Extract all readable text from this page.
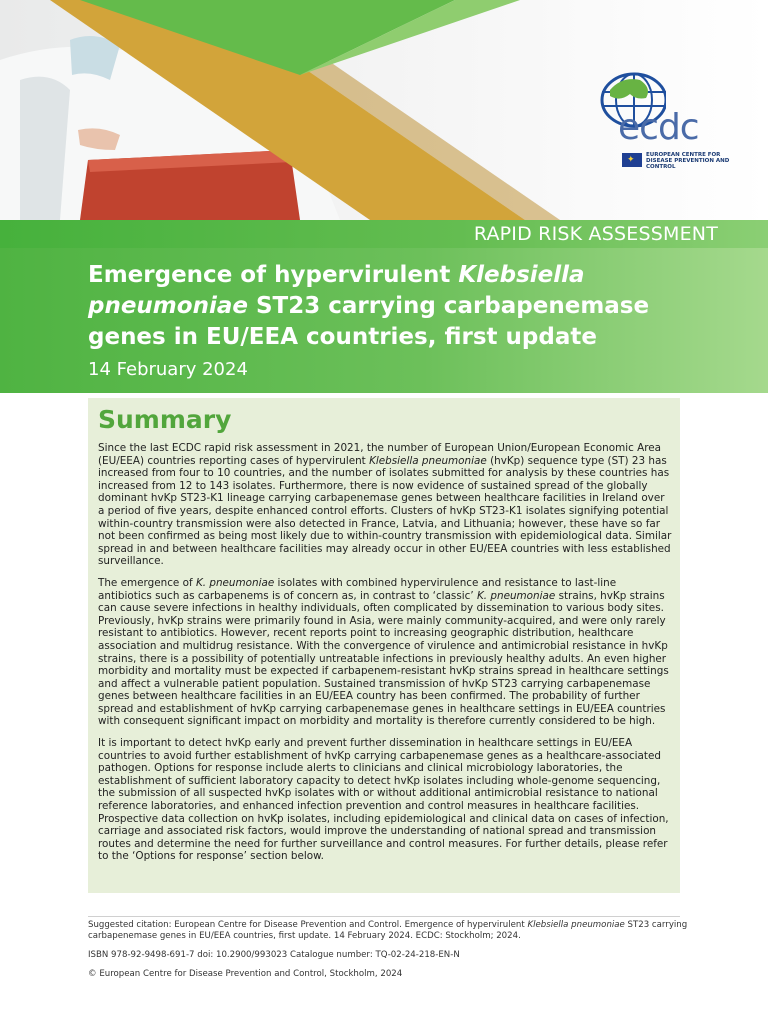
ecdc
✦ EUROPEAN CENTRE FOR DISEASE PREVENTION AND CONTROL
RAPID RISK ASSESSMENT
Emergence of hypervirulent Klebsiella pneumoniae ST23 carrying carbapenemase genes in EU/EEA countries, first update
14 February 2024
Summary

Since the last ECDC rapid risk assessment in 2021, the number of European Union/European Economic Area (EU/EEA) countries reporting cases of hypervirulent Klebsiella pneumoniae (hvKp) sequence type (ST) 23 has increased from four to 10 countries, and the number of isolates submitted for analysis by these countries has increased from 12 to 143 isolates. Furthermore, there is now evidence of sustained spread of the globally dominant hvKp ST23-K1 lineage carrying carbapenemase genes between healthcare facilities in Ireland over a period of five years, despite enhanced control efforts. Clusters of hvKp ST23-K1 isolates signifying potential within-country transmission were also detected in France, Latvia, and Lithuania; however, these have so far not been confirmed as being most likely due to within-country transmission with epidemiological data. Similar spread in and between healthcare facilities may already occur in other EU/EEA countries with less established surveillance.

The emergence of K. pneumoniae isolates with combined hypervirulence and resistance to last-line antibiotics such as carbapenems is of concern as, in contrast to ‘classic’ K. pneumoniae strains, hvKp strains can cause severe infections in healthy individuals, often complicated by dissemination to various body sites. Previously, hvKp strains were primarily found in Asia, were mainly community-acquired, and were only rarely resistant to antibiotics. However, recent reports point to increasing geographic distribution, healthcare association and multidrug resistance. With the convergence of virulence and antimicrobial resistance in hvKp strains, there is a possibility of potentially untreatable infections in previously healthy adults. An even higher morbidity and mortality must be expected if carbapenem-resistant hvKp strains spread in healthcare settings and affect a vulnerable patient population. Sustained transmission of hvKp ST23 carrying carbapenemase genes between healthcare facilities in an EU/EEA country has been confirmed. The probability of further spread and establishment of hvKp carrying carbapenemase genes in healthcare settings in EU/EEA countries with consequent significant impact on morbidity and mortality is therefore currently considered to be high.

It is important to detect hvKp early and prevent further dissemination in healthcare settings in EU/EEA countries to avoid further establishment of hvKp carrying carbapenemase genes as a healthcare-associated pathogen. Options for response include alerts to clinicians and clinical microbiology laboratories, the establishment of sufficient laboratory capacity to detect hvKp isolates including whole-genome sequencing, the submission of all suspected hvKp isolates with or without additional antimicrobial resistance to national reference laboratories, and enhanced infection prevention and control measures in healthcare facilities. Prospective data collection on hvKp isolates, including epidemiological and clinical data on cases of infection, carriage and associated risk factors, would improve the understanding of national spread and transmission routes and determine the need for further surveillance and control measures. For further details, please refer to the ‘Options for response’ section below.

Suggested citation: European Centre for Disease Prevention and Control. Emergence of hypervirulent Klebsiella pneumoniae ST23 carrying carbapenemase genes in EU/EEA countries, first update. 14 February 2024. ECDC: Stockholm; 2024.

ISBN 978-92-9498-691-7 doi: 10.2900/993023 Catalogue number: TQ-02-24-218-EN-N

© European Centre for Disease Prevention and Control, Stockholm, 2024
